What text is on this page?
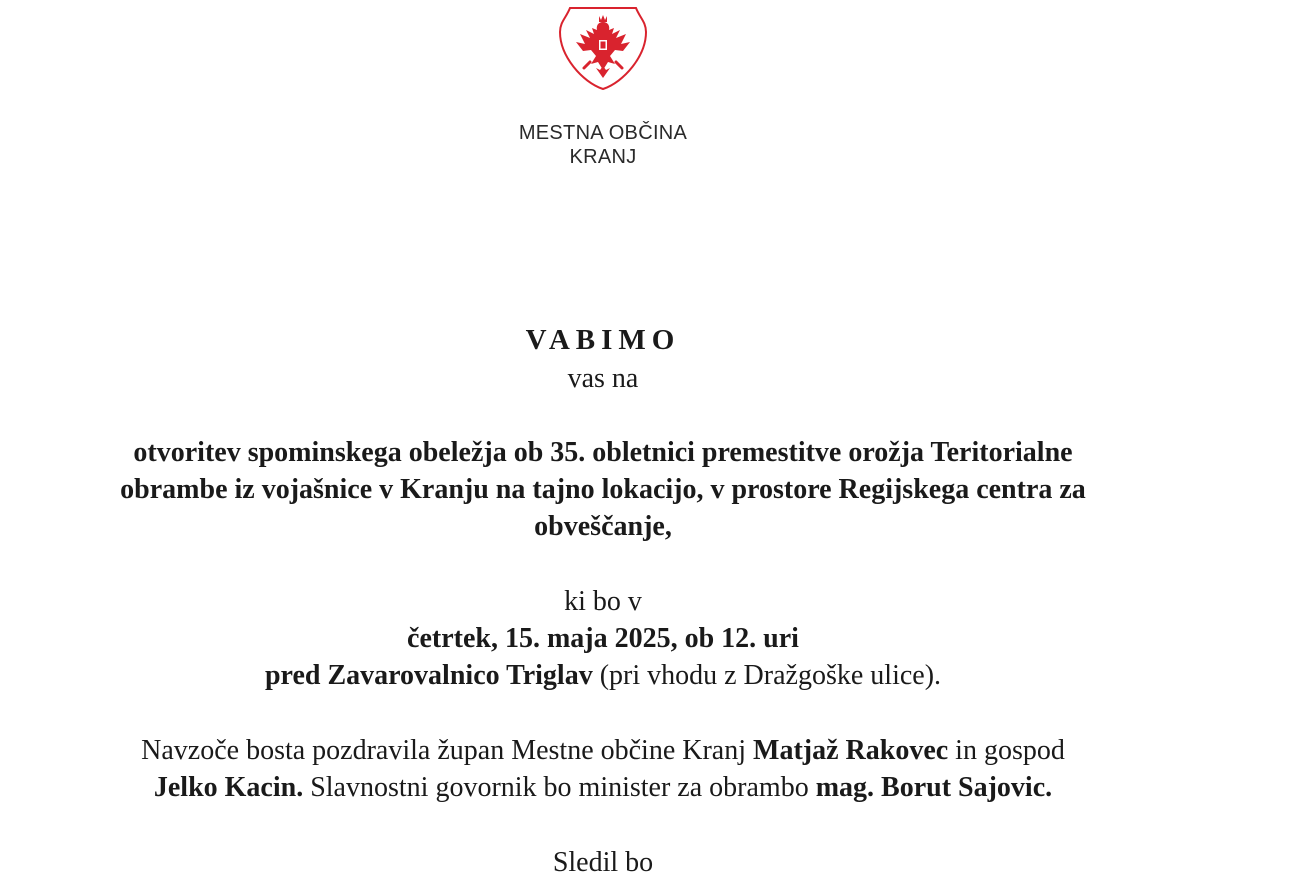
MESTNA OBČINA
KRANJ
VABIMO
vas na
otvoritev spominskega obeležja ob 35. obletnici premestitve orožja Teritorialne
obrambe iz vojašnice v Kranju na tajno lokacijo, v prostore Regijskega centra za
obveščanje,
ki bo v
četrtek, 15. maja 2025, ob 12. uri
pred Zavarovalnico Triglav (pri vhodu z Dražgoške ulice).
Navzoče bosta pozdravila župan Mestne občine Kranj Matjaž Rakovec in gospod
Jelko Kacin. Slavnostni govornik bo minister za obrambo mag. Borut Sajovic.
Sledil bo
